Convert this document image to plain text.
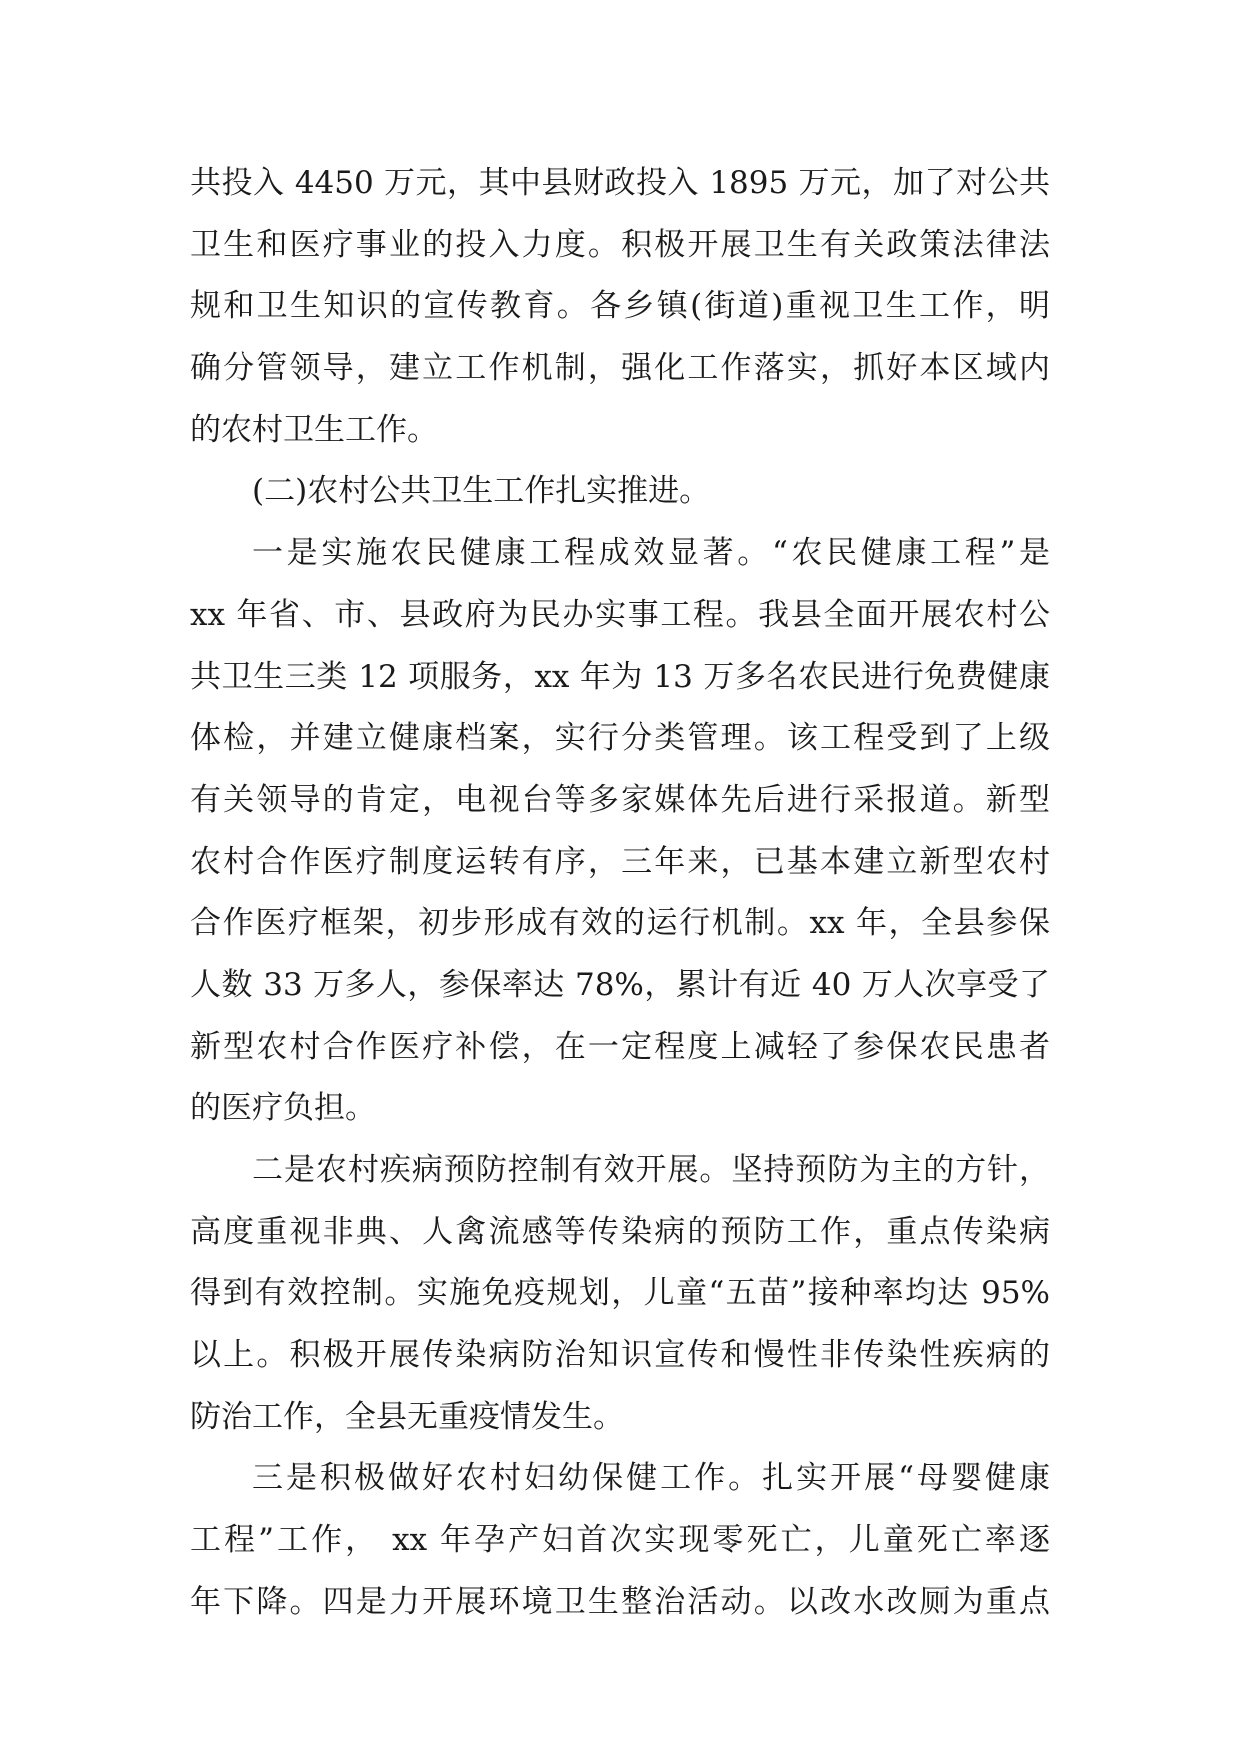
共投入 4450 万元，其中县财政投入 1895 万元，加了对公共
卫生和医疗事业的投入力度。积极开展卫生有关政策法律法
规和卫生知识的宣传教育。各乡镇(街道)重视卫生工作，明
确分管领导，建立工作机制，强化工作落实，抓好本区域内
的农村卫生工作。
(二)农村公共卫生工作扎实推进。
一是实施农民健康工程成效显著。“农民健康工程”是
xx 年省、市、县政府为民办实事工程。我县全面开展农村公
共卫生三类 12 项服务，xx 年为 13 万多名农民进行免费健康
体检，并建立健康档案，实行分类管理。该工程受到了上级
有关领导的肯定，电视台等多家媒体先后进行采报道。新型
农村合作医疗制度运转有序，三年来，已基本建立新型农村
合作医疗框架，初步形成有效的运行机制。xx 年，全县参保
人数 33 万多人，参保率达 78%，累计有近 40 万人次享受了
新型农村合作医疗补偿，在一定程度上减轻了参保农民患者
的医疗负担。
二是农村疾病预防控制有效开展。坚持预防为主的方针，
高度重视非典、人禽流感等传染病的预防工作，重点传染病
得到有效控制。实施免疫规划，儿童“五苗”接种率均达 95%
以上。积极开展传染病防治知识宣传和慢性非传染性疾病的
防治工作，全县无重疫情发生。
三是积极做好农村妇幼保健工作。扎实开展“母婴健康
工程”工作， xx 年孕产妇首次实现零死亡，儿童死亡率逐
年下降。四是力开展环境卫生整治活动。以改水改厕为重点
